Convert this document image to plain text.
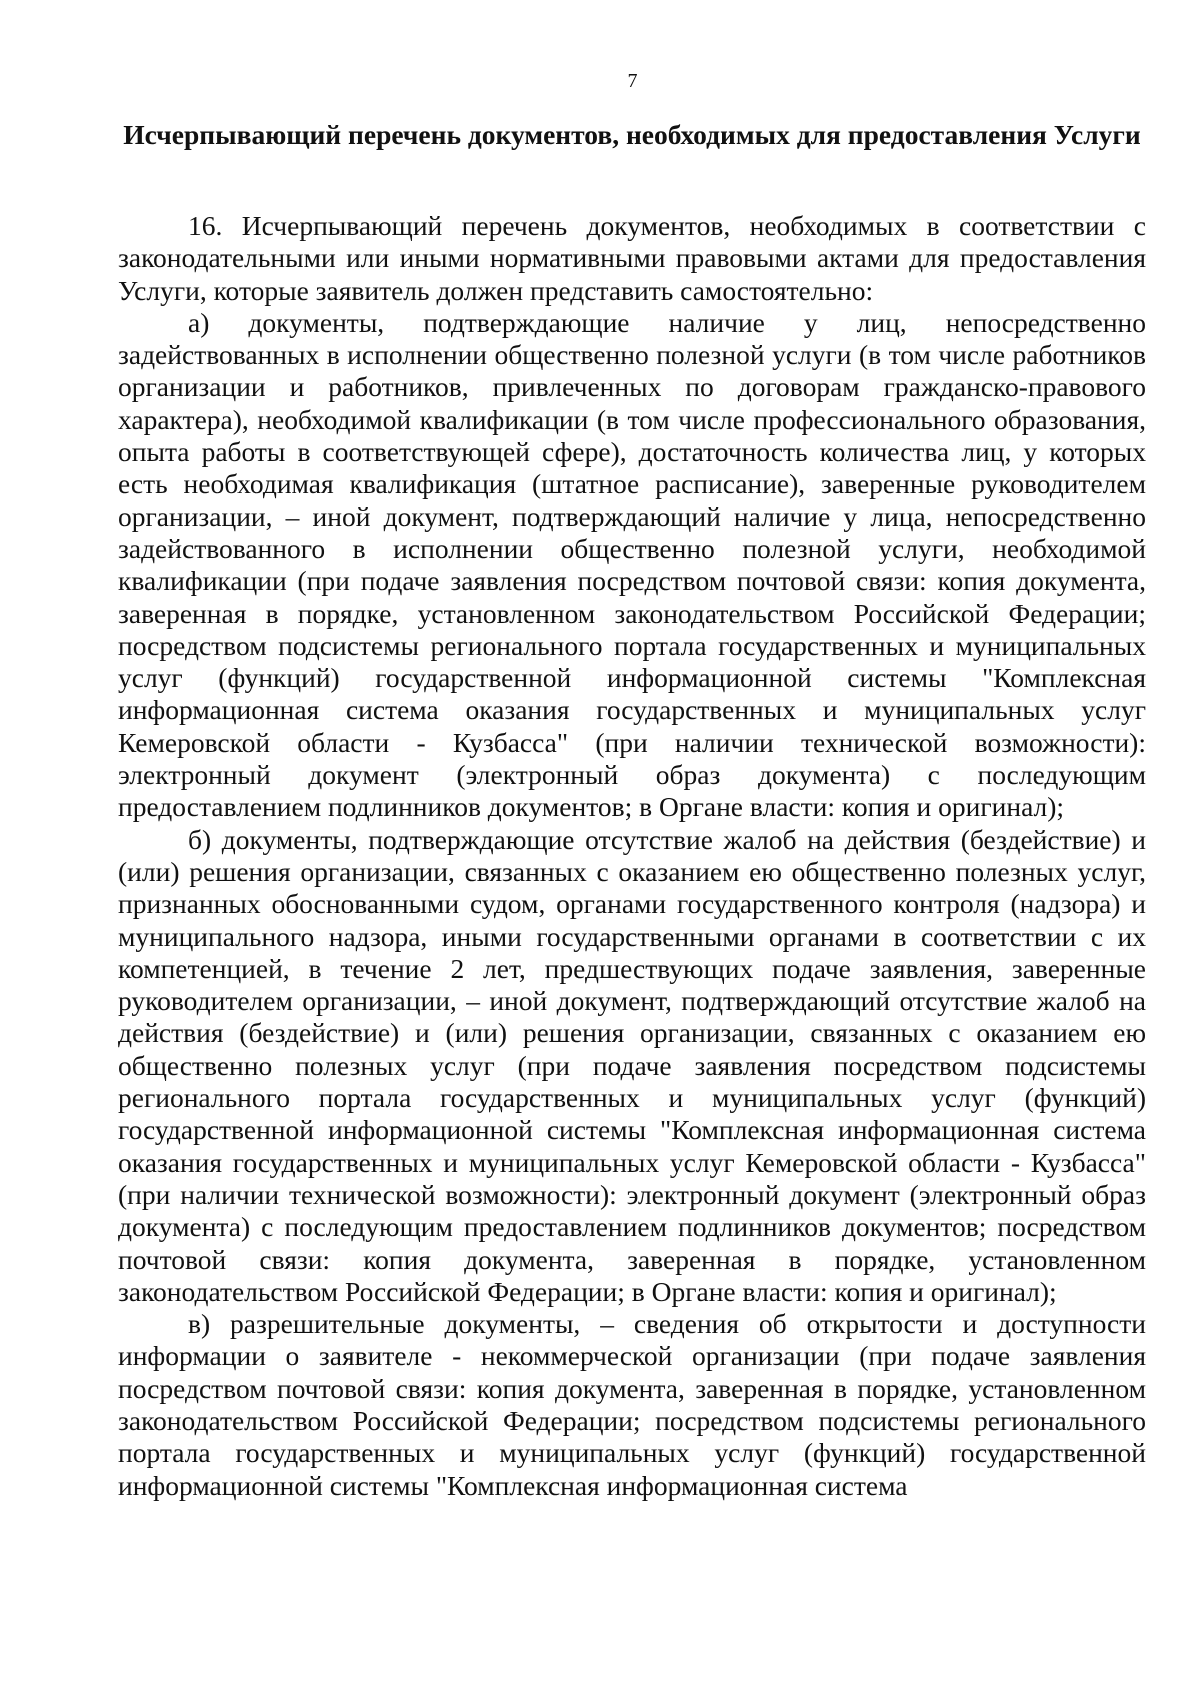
7
Исчерпывающий перечень документов, необходимых для предоставления Услуги

16. Исчерпывающий перечень документов, необходимых в соответствии с законодательными или иными нормативными правовыми актами для предоставления Услуги, которые заявитель должен представить самостоятельно:

а) документы, подтверждающие наличие у лиц, непосредственно задействованных в исполнении общественно полезной услуги (в том числе работников организации и работников, привлеченных по договорам гражданско-правового характера), необходимой квалификации (в том числе профессионального образования, опыта работы в соответствующей сфере), достаточность количества лиц, у которых есть необходимая квалификация (штатное расписание), заверенные руководителем организации, – иной документ, подтверждающий наличие у лица, непосредственно задействованного в исполнении общественно полезной услуги, необходимой квалификации (при подаче заявления посредством почтовой связи: копия документа, заверенная в порядке, установленном законодательством Российской Федерации; посредством подсистемы регионального портала государственных и муниципальных услуг (функций) государственной информационной системы "Комплексная информационная система оказания государственных и муниципальных услуг Кемеровской области - Кузбасса" (при наличии технической возможности): электронный документ (электронный образ документа) с последующим предоставлением подлинников документов; в Органе власти: копия и оригинал);

б) документы, подтверждающие отсутствие жалоб на действия (бездействие) и (или) решения организации, связанных с оказанием ею общественно полезных услуг, признанных обоснованными судом, органами государственного контроля (надзора) и муниципального надзора, иными государственными органами в соответствии с их компетенцией, в течение 2 лет, предшествующих подаче заявления, заверенные руководителем организации, – иной документ, подтверждающий отсутствие жалоб на действия (бездействие) и (или) решения организации, связанных с оказанием ею общественно полезных услуг (при подаче заявления посредством подсистемы регионального портала государственных и муниципальных услуг (функций) государственной информационной системы "Комплексная информационная система оказания государственных и муниципальных услуг Кемеровской области - Кузбасса" (при наличии технической возможности): электронный документ (электронный образ документа) с последующим предоставлением подлинников документов; посредством почтовой связи: копия документа, заверенная в порядке, установленном законодательством Российской Федерации; в Органе власти: копия и оригинал);

в) разрешительные документы, – сведения об открытости и доступности информации о заявителе - некоммерческой организации (при подаче заявления посредством почтовой связи: копия документа, заверенная в порядке, установленном законодательством Российской Федерации; посредством подсистемы регионального портала государственных и муниципальных услуг (функций) государственной информационной системы "Комплексная информационная система
